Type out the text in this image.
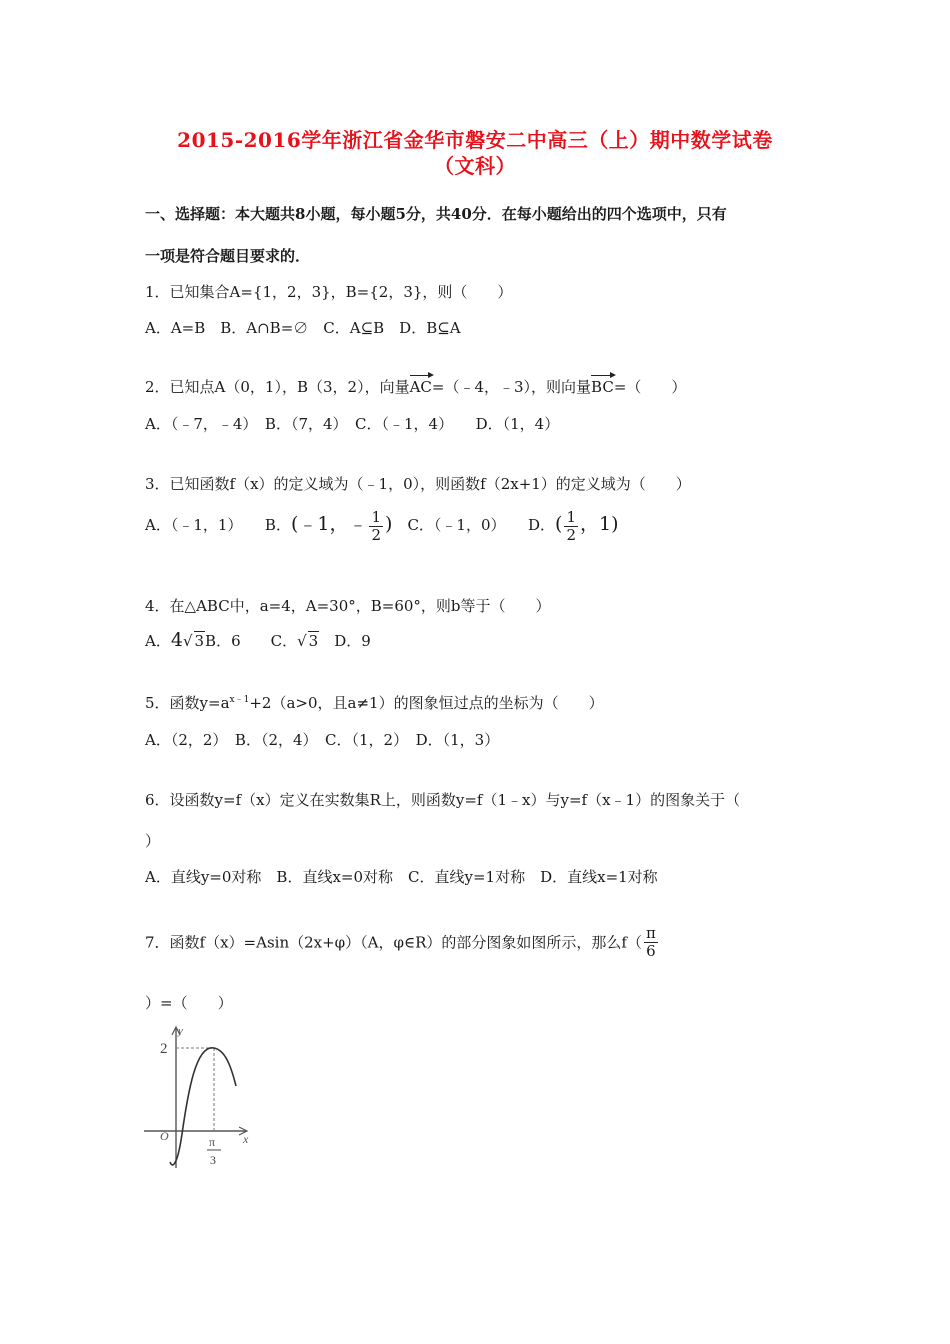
2015-2016学年浙江省金华市磐安二中高三（上）期中数学试卷
（文科）
一、选择题：本大题共8小题，每小题5分，共40分．在每小题给出的四个选项中，只有
一项是符合题目要求的．
1．已知集合A={1，2，3}，B={2，3}，则（　　）
A．A=B　B．A∩B=∅　C．A⊆B　D．B⊆A
2．已知点A（0，1），B（3，2），向量AC=（﹣4，﹣3），则向量BC=（　　）
A．（﹣7，﹣4）　B．（7，4）　C．（﹣1，4）　　D．（1，4）
3．已知函数f（x）的定义域为（﹣1，0），则函数f（2x+1）的定义域为（　　）
A．（﹣1，1）　　B．(﹣1，﹣ $\frac{1}{2}$ )　C．（﹣1，0）　　D．( $\frac{1}{2}$ ，1)
4．在△ABC中，a=4，A=30°，B=60°，则b等于（　　）
A．4√ 3B．6　　C．√ 3　D．9
5．函数$y=a^{x﹣1}+2(a>0$，且a≠1）的图象恒过点的坐标为（　　）
A．（2，2）　B．（2，4）　C．（1，2）　D．（1，3）
6．设函数y=f（x）定义在实数集R上，则函数y=f（1﹣x）与y=f（x﹣1）的图象关于（
）
A．直线y=0对称　B．直线x=0对称　C．直线y=1对称　D．直线x=1对称
7．函数f（x）=Asin（2x+φ）（A，φ∈R）的部分图象如图所示，那么$f( \frac{\pi}{6}$
）=（　　）
y
x
O
2
π
3
